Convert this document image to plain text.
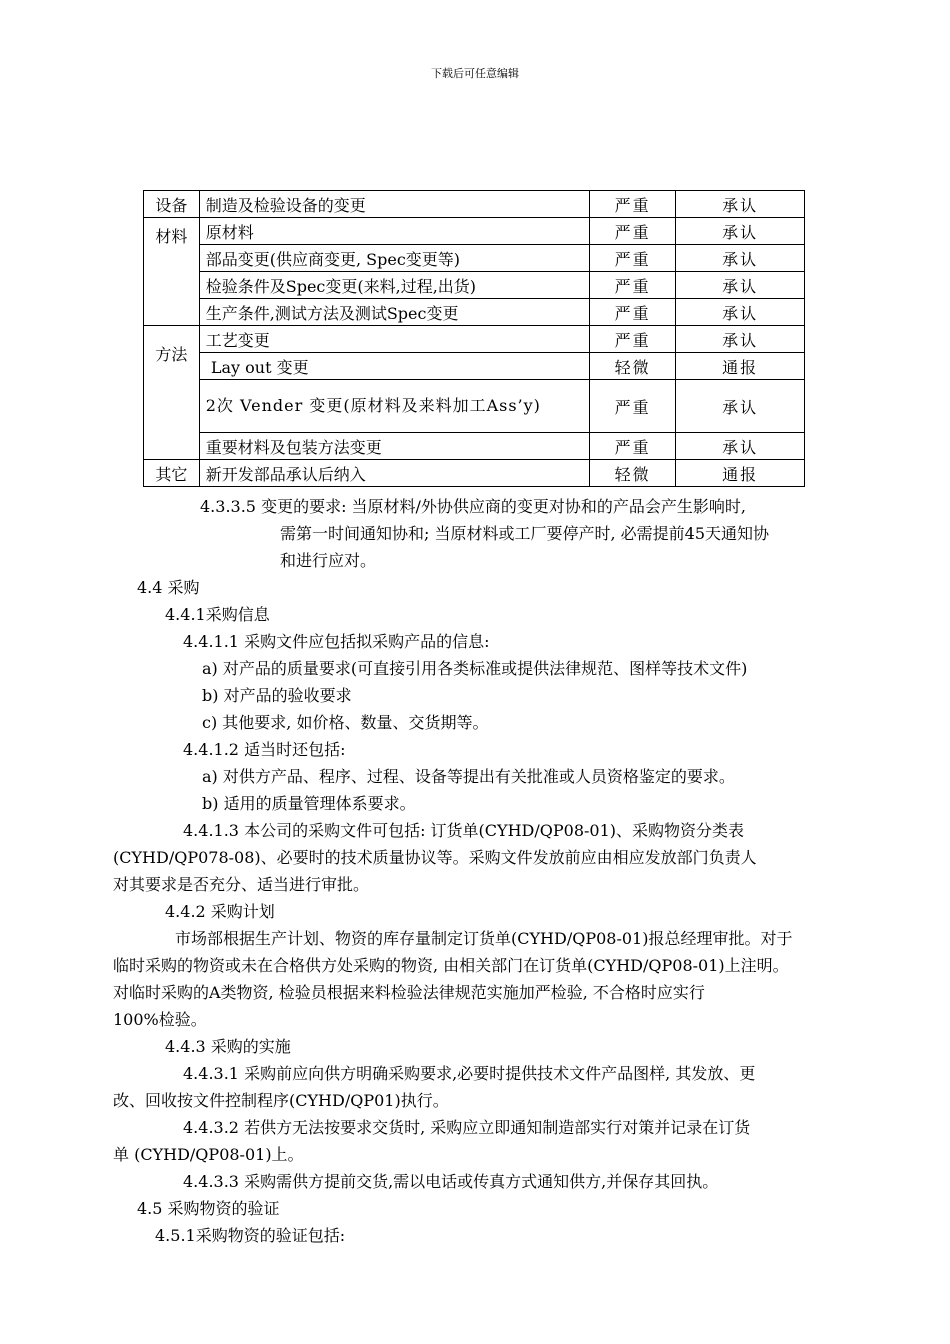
下载后可任意编辑
设备	制造及检验设备的变更	严重	承认
材料	原材料	严重	承认
	部品变更(供应商变更, Spec变更等)	严重	承认
	检验条件及Spec变更(来料,过程,出货)	严重	承认
	生产条件,测试方法及测试Spec变更	严重	承认
方法	工艺变更	严重	承认
	Lay out 变更	轻微	通报
	2次 Vender 变更(原材料及来料加工Ass’y)	严重	承认
	重要材料及包装方法变更	严重	承认
其它	新开发部品承认后纳入	轻微	通报
4.3.3.5 变更的要求: 当原材料/外协供应商的变更对协和的产品会产生影响时,
需第一时间通知协和; 当原材料或工厂要停产时, 必需提前45天通知协
和进行应对。
4.4 采购
4.4.1采购信息
4.4.1.1 采购文件应包括拟采购产品的信息:
a) 对产品的质量要求(可直接引用各类标准或提供法律规范、图样等技术文件)
b) 对产品的验收要求
c) 其他要求, 如价格、数量、交货期等。
4.4.1.2 适当时还包括:
a) 对供方产品、程序、过程、设备等提出有关批准或人员资格鉴定的要求。
b) 适用的质量管理体系要求。
4.4.1.3 本公司的采购文件可包括: 订货单(CYHD/QP08-01)、采购物资分类表
(CYHD/QP078-08)、必要时的技术质量协议等。采购文件发放前应由相应发放部门负责人
对其要求是否充分、适当进行审批。
4.4.2 采购计划
市场部根据生产计划、物资的库存量制定订货单(CYHD/QP08-01)报总经理审批。对于
临时采购的物资或未在合格供方处采购的物资, 由相关部门在订货单(CYHD/QP08-01)上注明。
对临时采购的A类物资, 检验员根据来料检验法律规范实施加严检验, 不合格时应实行
100%检验。
4.4.3 采购的实施
4.4.3.1 采购前应向供方明确采购要求,必要时提供技术文件产品图样, 其发放、更
改、回收按文件控制程序(CYHD/QP01)执行。
4.4.3.2 若供方无法按要求交货时, 采购应立即通知制造部实行对策并记录在订货
单 (CYHD/QP08-01)上。
4.4.3.3 采购需供方提前交货,需以电话或传真方式通知供方,并保存其回执。
4.5 采购物资的验证
4.5.1采购物资的验证包括:
